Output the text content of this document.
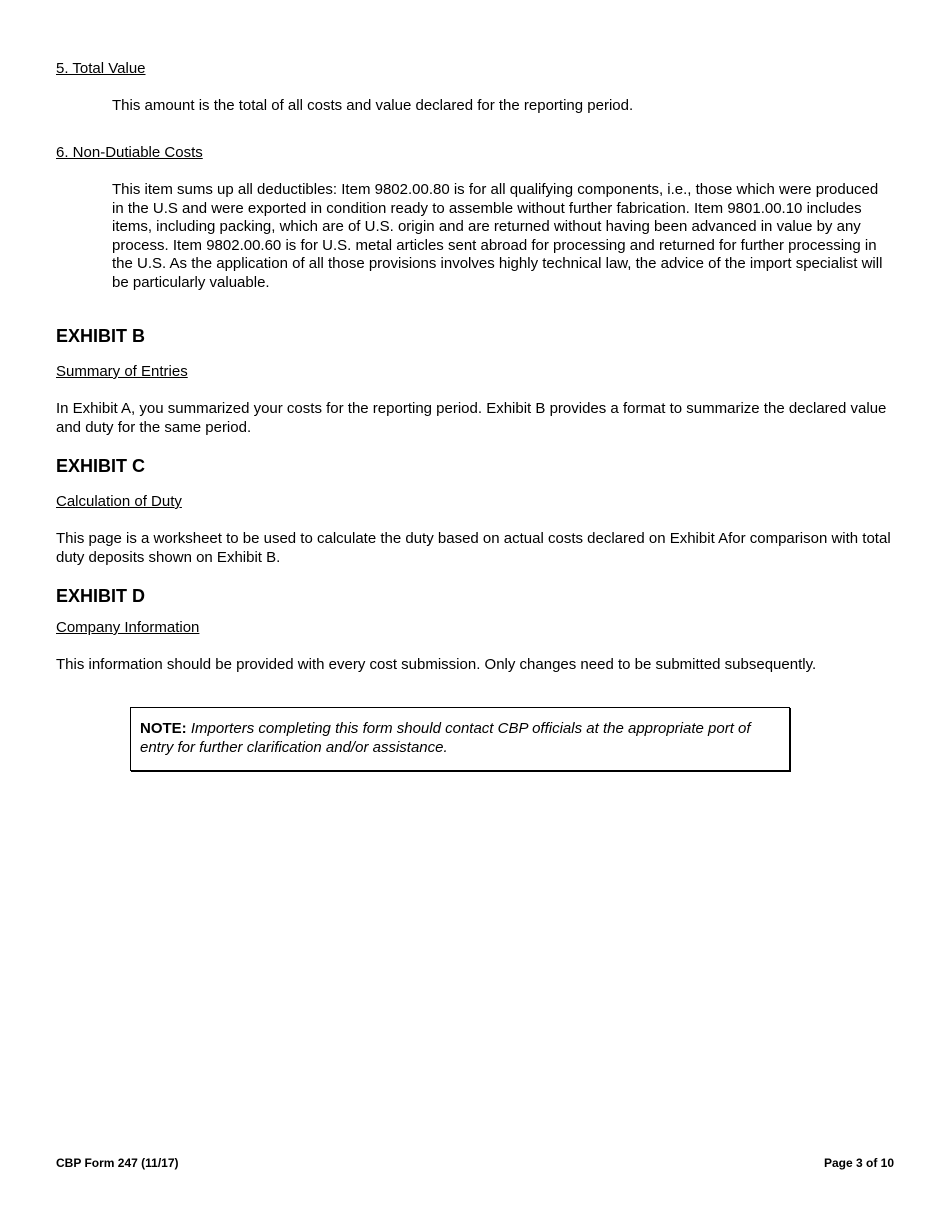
5. Total Value
This amount is the total of all costs and value declared for the reporting period.
6. Non-Dutiable Costs
This item sums up all deductibles: Item 9802.00.80 is for all qualifying components, i.e., those which were produced in the U.S and were exported in condition ready to assemble without further fabrication. Item 9801.00.10 includes items, including packing, which are of U.S. origin and are returned without having been advanced in value by any process. Item 9802.00.60 is for U.S. metal articles sent abroad for processing and returned for further processing in the U.S. As the application of all those provisions involves highly technical law, the advice of the import specialist will be particularly valuable.
EXHIBIT B
Summary of Entries
In Exhibit A, you summarized your costs for the reporting period. Exhibit B provides a format to summarize the declared value and duty for the same period.
EXHIBIT C
Calculation of Duty
This page is a worksheet to be used to calculate the duty based on actual costs declared on Exhibit Afor comparison with total duty deposits shown on Exhibit B.
EXHIBIT D
Company Information
This information should be provided with every cost submission. Only changes need to be submitted subsequently.
NOTE: Importers completing this form should contact CBP officials at the appropriate port of entry for further clarification and/or assistance.
CBP Form 247 (11/17)	Page 3 of 10
